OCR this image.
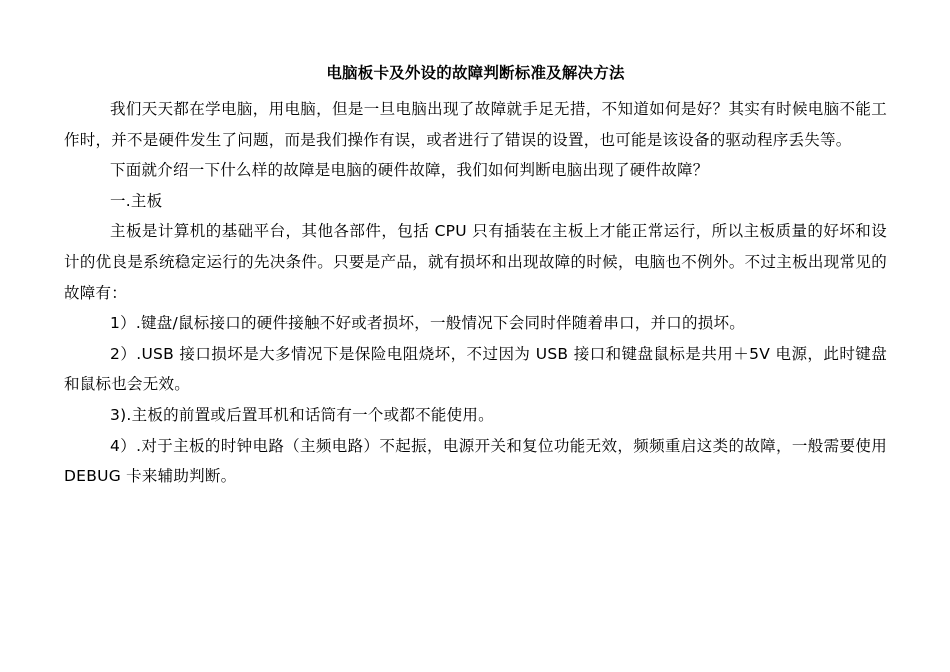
电脑板卡及外设的故障判断标准及解决方法

我们天天都在学电脑，用电脑，但是一旦电脑出现了故障就手足无措，不知道如何是好？其实有时候电脑不能工作时，并不是硬件发生了问题，而是我们操作有误，或者进行了错误的设置，也可能是该设备的驱动程序丢失等。

下面就介绍一下什么样的故障是电脑的硬件故障，我们如何判断电脑出现了硬件故障？

一.主板

主板是计算机的基础平台，其他各部件，包括 CPU 只有插装在主板上才能正常运行，所以主板质量的好坏和设计的优良是系统稳定运行的先决条件。只要是产品，就有损坏和出现故障的时候，电脑也不例外。不过主板出现常见的故障有：

1）.键盘/鼠标接口的硬件接触不好或者损坏，一般情况下会同时伴随着串口，并口的损坏。

2）.USB 接口损坏是大多情况下是保险电阻烧坏，不过因为 USB 接口和键盘鼠标是共用＋5V 电源，此时键盘和鼠标也会无效。

3).主板的前置或后置耳机和话筒有一个或都不能使用。

4）.对于主板的时钟电路（主频电路）不起振，电源开关和复位功能无效，频频重启这类的故障，一般需要使用 DEBUG 卡来辅助判断。
